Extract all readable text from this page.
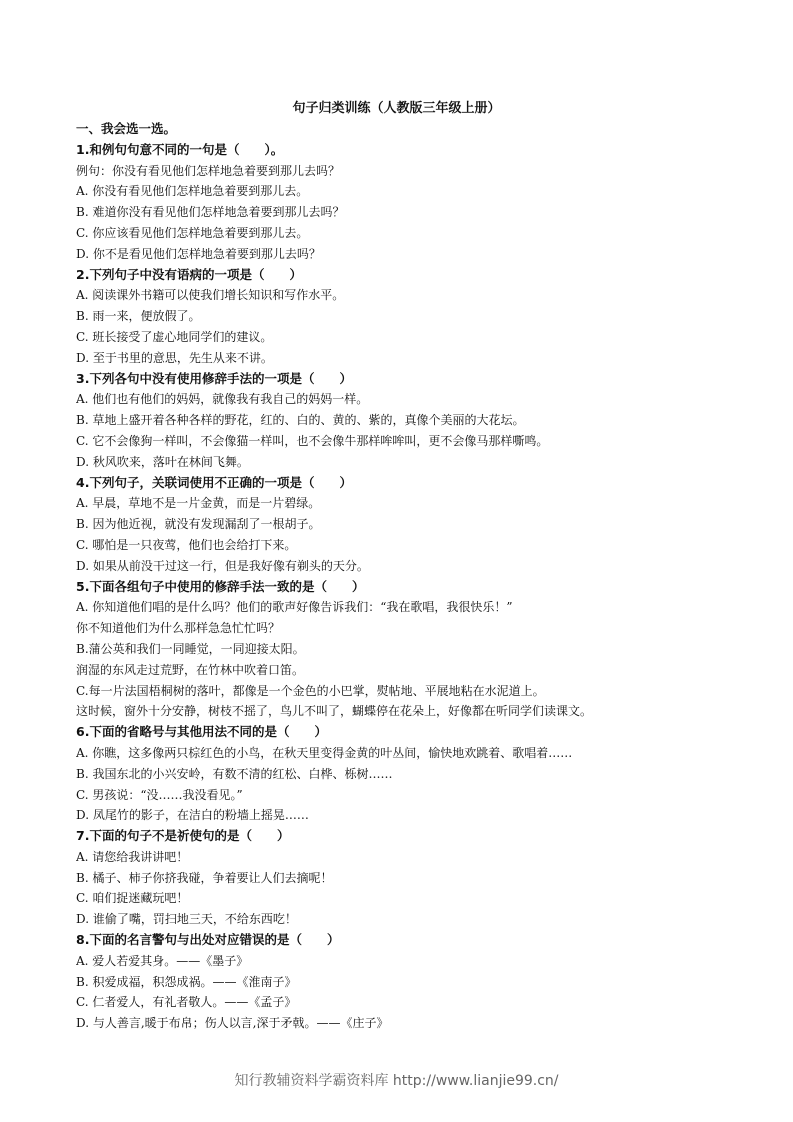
句子归类训练（人教版三年级上册）
一、我会选一选。
1.和例句句意不同的一句是（　　）。
例句：你没有看见他们怎样地急着要到那儿去吗？
A. 你没有看见他们怎样地急着要到那儿去。
B. 难道你没有看见他们怎样地急着要到那儿去吗？
C. 你应该看见他们怎样地急着要到那儿去。
D. 你不是看见他们怎样地急着要到那儿去吗？
2.下列句子中没有语病的一项是（　　）
A. 阅读课外书籍可以使我们增长知识和写作水平。
B. 雨一来，便放假了。
C. 班长接受了虚心地同学们的建议。
D. 至于书里的意思，先生从来不讲。
3.下列各句中没有使用修辞手法的一项是（　　）
A. 他们也有他们的妈妈，就像我有我自己的妈妈一样。
B. 草地上盛开着各种各样的野花，红的、白的、黄的、紫的，真像个美丽的大花坛。
C. 它不会像狗一样叫，不会像猫一样叫，也不会像牛那样哞哞叫，更不会像马那样嘶鸣。
D. 秋风吹来，落叶在林间飞舞。
4.下列句子，关联词使用不正确的一项是（　　）
A. 早晨，草地不是一片金黄，而是一片碧绿。
B. 因为他近视，就没有发现漏刮了一根胡子。
C. 哪怕是一只夜莺，他们也会给打下来。
D. 如果从前没干过这一行，但是我好像有剃头的天分。
5.下面各组句子中使用的修辞手法一致的是（　　）
A. 你知道他们唱的是什么吗？他们的歌声好像告诉我们：“我在歌唱，我很快乐！”
你不知道他们为什么那样急急忙忙吗？
B.蒲公英和我们一同睡觉，一同迎接太阳。
润湿的东风走过荒野，在竹林中吹着口笛。
C.每一片法国梧桐树的落叶，都像是一个金色的小巴掌，熨帖地、平展地粘在水泥道上。
这时候，窗外十分安静，树枝不摇了，鸟儿不叫了，蝴蝶停在花朵上，好像都在听同学们读课文。
6.下面的省略号与其他用法不同的是（　　）
A. 你瞧，这多像两只棕红色的小鸟，在秋天里变得金黄的叶丛间，愉快地欢跳着、歌唱着……
B. 我国东北的小兴安岭，有数不清的红松、白桦、栎树……
C. 男孩说：“没……我没看见。”
D. 凤尾竹的影子，在洁白的粉墙上摇晃……
7.下面的句子不是祈使句的是（　　）
A. 请您给我讲讲吧！
B. 橘子、柿子你挤我碰，争着要让人们去摘呢！
C. 咱们捉迷藏玩吧！
D. 谁偷了嘴，罚扫地三天，不给东西吃！
8.下面的名言警句与出处对应错误的是（　　）
A. 爱人若爱其身。——《墨子》
B. 积爱成福，积怨成祸。——《淮南子》
C. 仁者爱人，有礼者敬人。——《孟子》
D. 与人善言,暖于布帛；伤人以言,深于矛戟。——《庄子》
知行教辅资料学霸资料库 http://www.lianjie99.cn/
